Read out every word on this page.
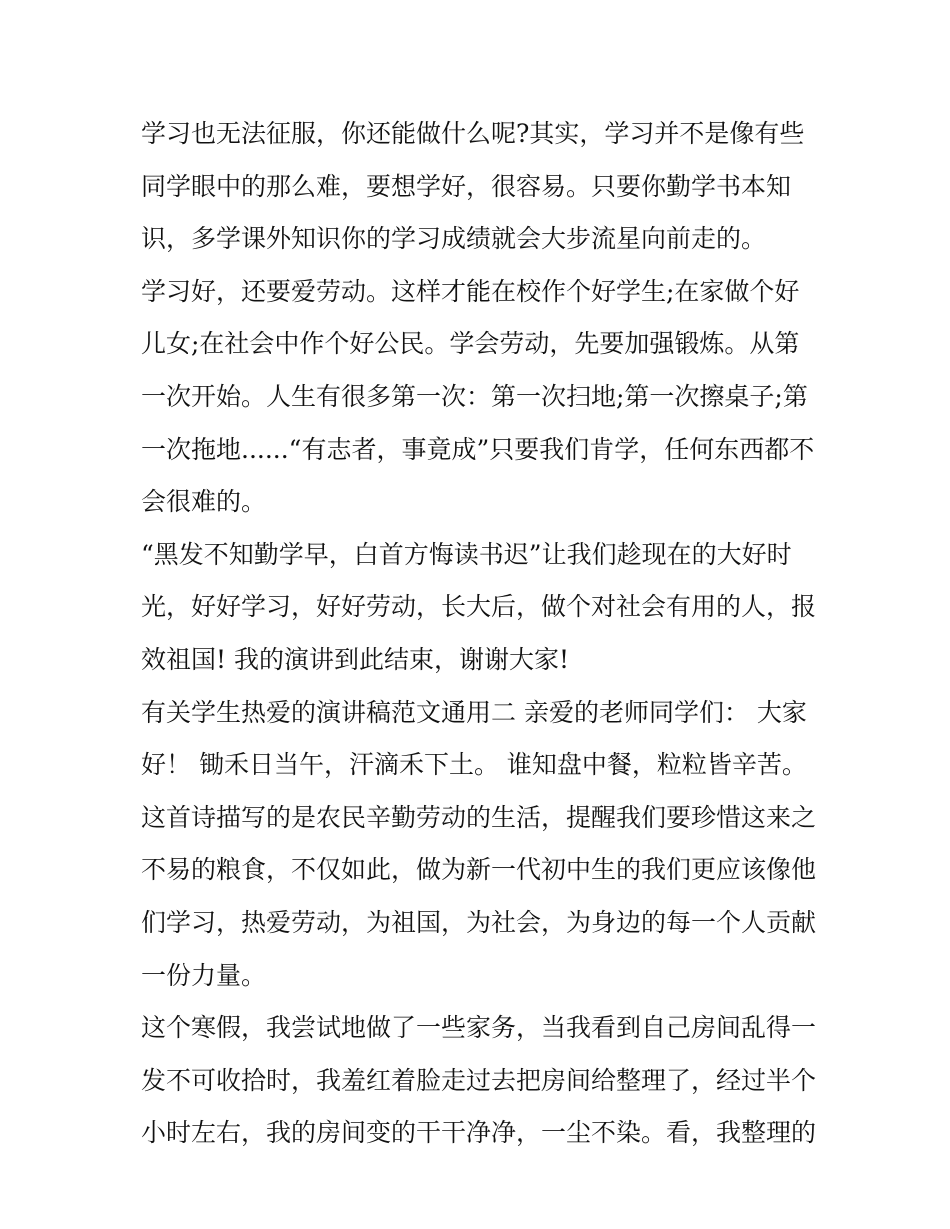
学习也无法征服，你还能做什么呢?其实，学习并不是像有些
同学眼中的那么难，要想学好，很容易。只要你勤学书本知
识，多学课外知识你的学习成绩就会大步流星向前走的。
学习好，还要爱劳动。这样才能在校作个好学生;在家做个好
儿女;在社会中作个好公民。学会劳动，先要加强锻炼。从第
一次开始。人生有很多第一次：第一次扫地;第一次擦桌子;第
一次拖地......“有志者，事竟成”只要我们肯学，任何东西都不
会很难的。
“黑发不知勤学早，白首方悔读书迟”让我们趁现在的大好时
光，好好学习，好好劳动，长大后，做个对社会有用的人，报
效祖国! 我的演讲到此结束，谢谢大家!
有关学生热爱的演讲稿范文通用二 亲爱的老师同学们： 大家
好！ 锄禾日当午，汗滴禾下土。 谁知盘中餐，粒粒皆辛苦。
这首诗描写的是农民辛勤劳动的生活，提醒我们要珍惜这来之
不易的粮食，不仅如此，做为新一代初中生的我们更应该像他
们学习，热爱劳动，为祖国，为社会，为身边的每一个人贡献
一份力量。
这个寒假，我尝试地做了一些家务，当我看到自己房间乱得一
发不可收拾时，我羞红着脸走过去把房间给整理了，经过半个
小时左右，我的房间变的干干净净，一尘不染。看，我整理的
